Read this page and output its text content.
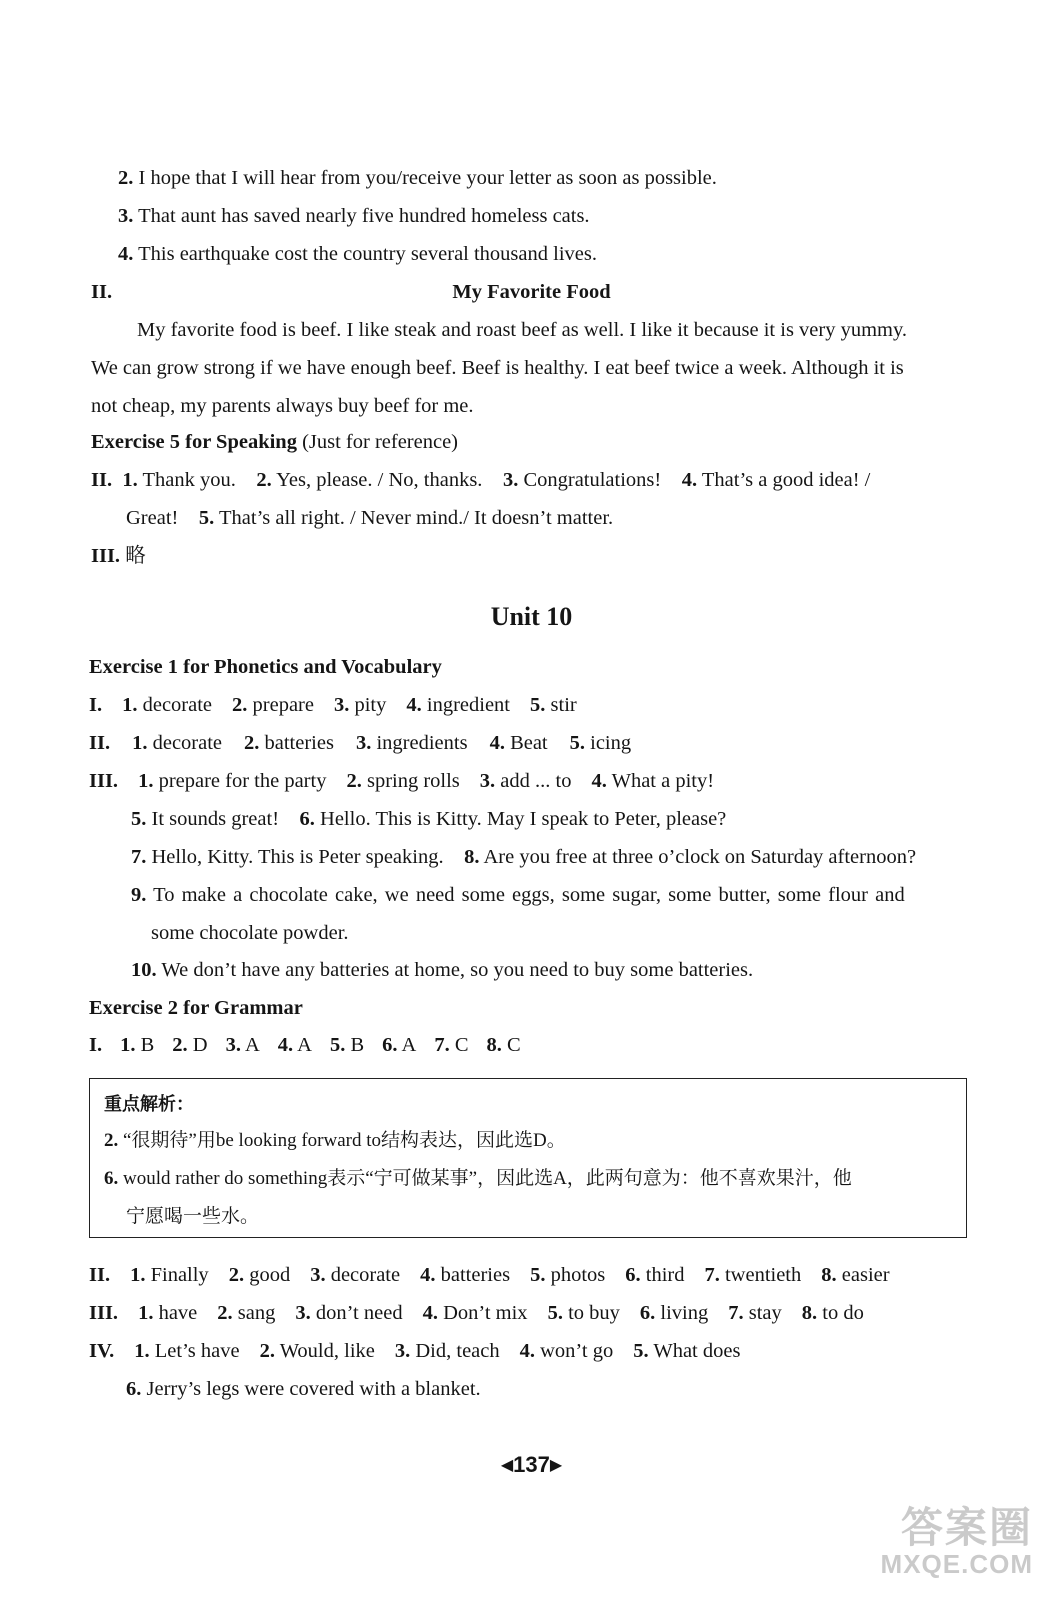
2. I hope that I will hear from you/receive your letter as soon as possible.
3. That aunt has saved nearly five hundred homeless cats.
4. This earthquake cost the country several thousand lives.
II.	My Favorite Food
My favorite food is beef. I like steak and roast beef as well. I like it because it is very yummy.
We can grow strong if we have enough beef. Beef is healthy. I eat beef twice a week. Although it is
not cheap, my parents always buy beef for me.
Exercise 5 for Speaking (Just for reference)
II. 1. Thank you. 2. Yes, please. / No, thanks. 3. Congratulations! 4. That’s a good idea! /
Great! 5. That’s all right. / Never mind./ It doesn’t matter.
III. 略
Unit 10
Exercise 1 for Phonetics and Vocabulary
I. 1. decorate 2. prepare 3. pity 4. ingredient 5. stir
II. 1. decorate 2. batteries 3. ingredients 4. Beat 5. icing
III. 1. prepare for the party 2. spring rolls 3. add ... to 4. What a pity!
5. It sounds great! 6. Hello. This is Kitty. May I speak to Peter, please?
7. Hello, Kitty. This is Peter speaking. 8. Are you free at three o’clock on Saturday afternoon?
9. To make a chocolate cake, we need some eggs, some sugar, some butter, some flour and
some chocolate powder.
10. We don’t have any batteries at home, so you need to buy some batteries.
Exercise 2 for Grammar
I. 1. B 2. D 3. A 4. A 5. B 6. A 7. C 8. C
重点解析：
2. “很期待”用be looking forward to结构表达，因此选D。
6. would rather do something表示“宁可做某事”，因此选A，此两句意为：他不喜欢果汁，他
宁愿喝一些水。
II. 1. Finally 2. good 3. decorate 4. batteries 5. photos 6. third 7. twentieth 8. easier
III. 1. have 2. sang 3. don’t need 4. Don’t mix 5. to buy 6. living 7. stay 8. to do
IV. 1. Let’s have 2. Would, like 3. Did, teach 4. won’t go 5. What does
6. Jerry’s legs were covered with a blanket.
◀137▶
答案圈
MXQE.COM
